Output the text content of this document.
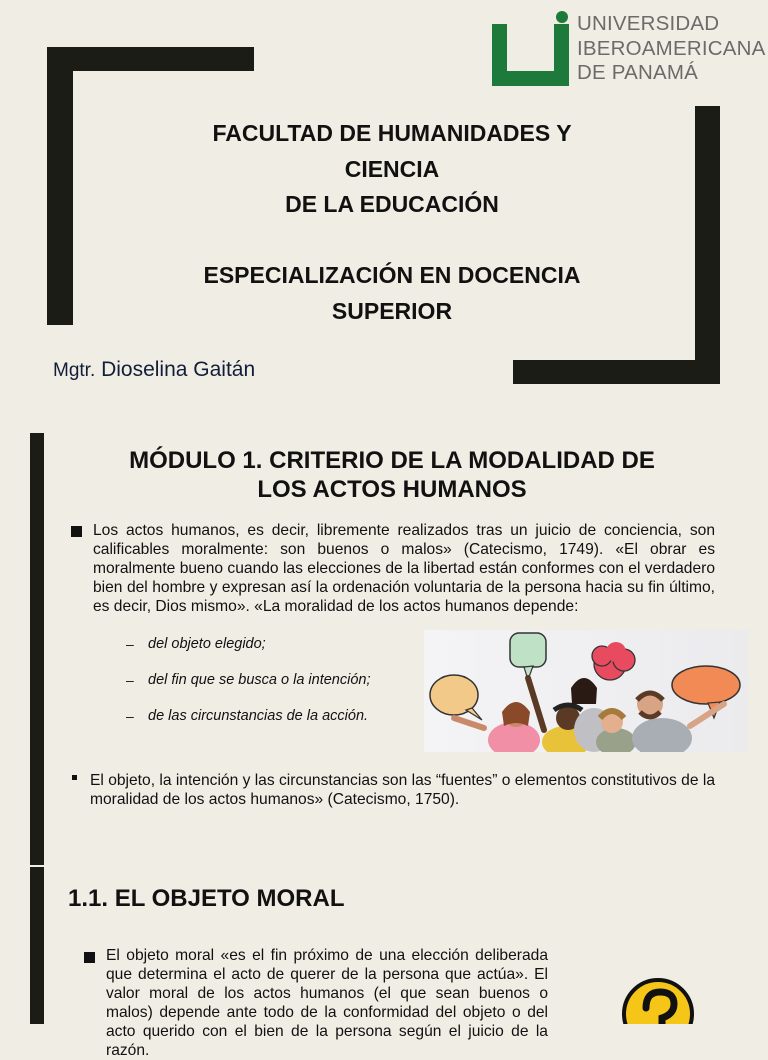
UNIVERSIDAD
IBEROAMERICANA
DE PANAMÁ
FACULTAD DE HUMANIDADES Y
CIENCIA
DE LA EDUCACIÓN
ESPECIALIZACIÓN EN DOCENCIA
SUPERIOR
Mgtr. Dioselina Gaitán
MÓDULO 1. CRITERIO DE LA MODALIDAD DE
LOS ACTOS HUMANOS
Los actos humanos, es decir, libremente realizados tras un juicio de conciencia, son calificables moralmente: son buenos o malos» (Catecismo, 1749). «El obrar es moralmente bueno cuando las elecciones de la libertad están conformes con el verdadero bien del hombre y expresan así la ordenación voluntaria de la persona hacia su fin último, es decir, Dios mismo». «La moralidad de los actos humanos depende:
– del objeto elegido;
– del fin que se busca o la intención;
– de las circunstancias de la acción.
El objeto, la intención y las circunstancias son las “fuentes” o elementos constitutivos de la moralidad de los actos humanos» (Catecismo, 1750).
1.1. EL OBJETO MORAL
El objeto moral «es el fin próximo de una elección deliberada que determina el acto de querer de la persona que actúa». El valor moral de los actos humanos (el que sean buenos o malos) depende ante todo de la conformidad del objeto o del acto querido con el bien de la persona según el juicio de la razón.
